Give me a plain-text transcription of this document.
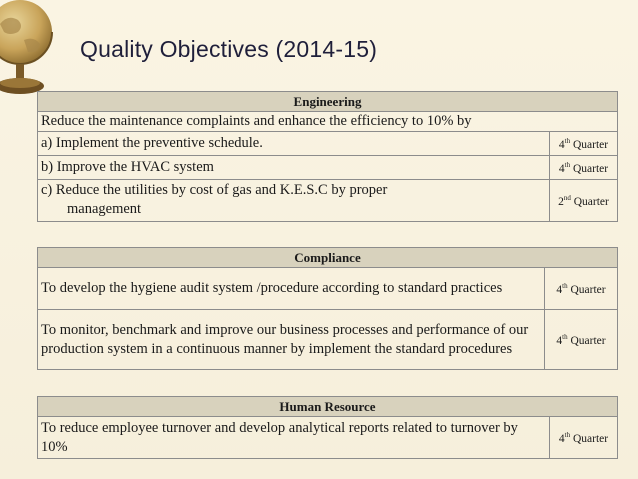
Quality Objectives (2014-15)
Engineering	
Reduce the maintenance complaints and enhance the efficiency to 10% by	
a) Implement the preventive schedule.	4th Quarter
b) Improve the HVAC system	4th Quarter
c) Reduce the utilities by cost of gas and K.E.S.C by proper
management	2nd Quarter
Compliance	
To develop the hygiene audit system /procedure according to standard practices	4th Quarter
To monitor, benchmark and improve our business processes and performance of our production system in a continuous manner by implement the standard procedures	4th Quarter
Human Resource
To reduce employee turnover and develop analytical reports related to turnover by 10%	4th Quarter
